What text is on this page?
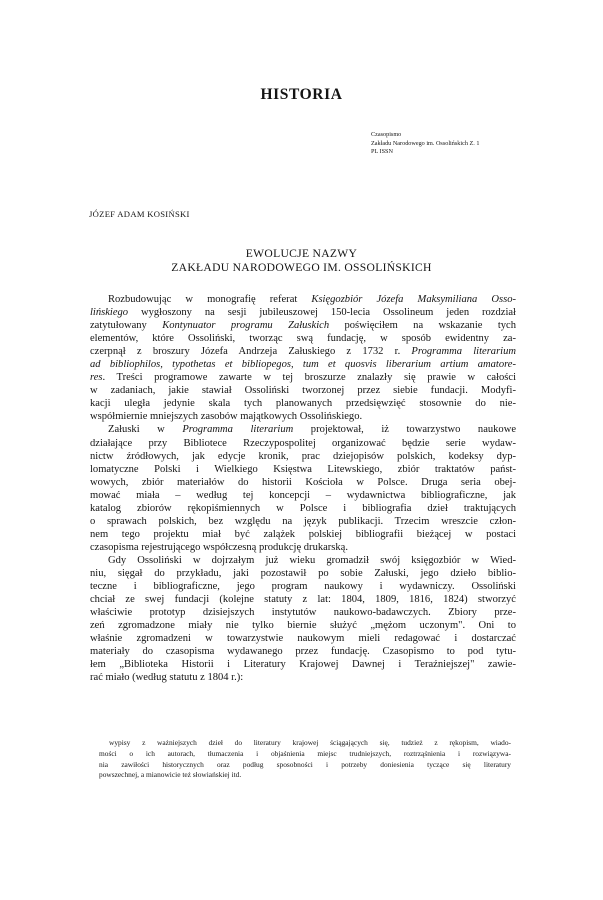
HISTORIA
Czasopismo
Zakładu Narodowego im. Ossolińskich Z. 1
PL ISSN
JÓZEF ADAM KOSIŃSKI
EWOLUCJE NAZWY
ZAKŁADU NARODOWEGO IM. OSSOLIŃSKICH
Rozbudowując w monografię referat Księgozbiór Józefa Maksymiliana Osso-
lińskiego wygłoszony na sesji jubileuszowej 150-lecia Ossolineum jeden rozdział
zatytułowany Kontynuator programu Załuskich poświęciłem na wskazanie tych
elementów, które Ossoliński, tworząc swą fundację, w sposób ewidentny za-
czerpnął z broszury Józefa Andrzeja Załuskiego z 1732 r. Programma literarium
ad bibliophilos, typothetas et bibliopegos, tum et quosvis liberarium artium amatore-
res. Treści programowe zawarte w tej broszurze znalazły się prawie w całości
w zadaniach, jakie stawiał Ossoliński tworzonej przez siebie fundacji. Modyfi-
kacji uległa jedynie skala tych planowanych przedsięwzięć stosownie do nie-
współmiernie mniejszych zasobów majątkowych Ossolińskiego.
Załuski w Programma literarium projektował, iż towarzystwo naukowe
działające przy Bibliotece Rzeczypospolitej organizować będzie serie wydaw-
nictw źródłowych, jak edycje kronik, prac dziejopisów polskich, kodeksy dyp-
lomatyczne Polski i Wielkiego Księstwa Litewskiego, zbiór traktatów państ-
wowych, zbiór materiałów do historii Kościoła w Polsce. Druga seria obej-
mować miała – według tej koncepcji – wydawnictwa bibliograficzne, jak
katalog zbiorów rękopiśmiennych w Polsce i bibliografia dzieł traktujących
o sprawach polskich, bez względu na język publikacji. Trzecim wreszcie człon-
nem tego projektu miał być zalążek polskiej bibliografii bieżącej w postaci
czasopisma rejestrującego współczesną produkcję drukarską.
Gdy Ossoliński w dojrzałym już wieku gromadził swój księgozbiór w Wied-
niu, sięgał do przykładu, jaki pozostawił po sobie Załuski, jego dzieło biblio-
teczne i bibliograficzne, jego program naukowy i wydawniczy. Ossoliński
chciał ze swej fundacji (kolejne statuty z lat: 1804, 1809, 1816, 1824) stworzyć
właściwie prototyp dzisiejszych instytutów naukowo-badawczych. Zbiory prze-
zeń zgromadzone miały nie tylko biernie służyć „mężom uczonym". Oni to
właśnie zgromadzeni w towarzystwie naukowym mieli redagować i dostarczać
materiały do czasopisma wydawanego przez fundację. Czasopismo to pod tytu-
łem „Biblioteka Historii i Literatury Krajowej Dawnej i Teraźniejszej" zawie-
rać miało (według statutu z 1804 r.):
wypisy z ważniejszych dzieł do literatury krajowej ściągających się, tudzież z rękopism, wiado-
mości o ich autorach, tłumaczenia i objaśnienia miejsc trudniejszych, roztrząśnienia i rozwiązywa-
nia zawiłości historycznych oraz podług sposobności i potrzeby doniesienia tyczące się literatury
powszechnej, a mianowicie też słowiańskiej itd.
